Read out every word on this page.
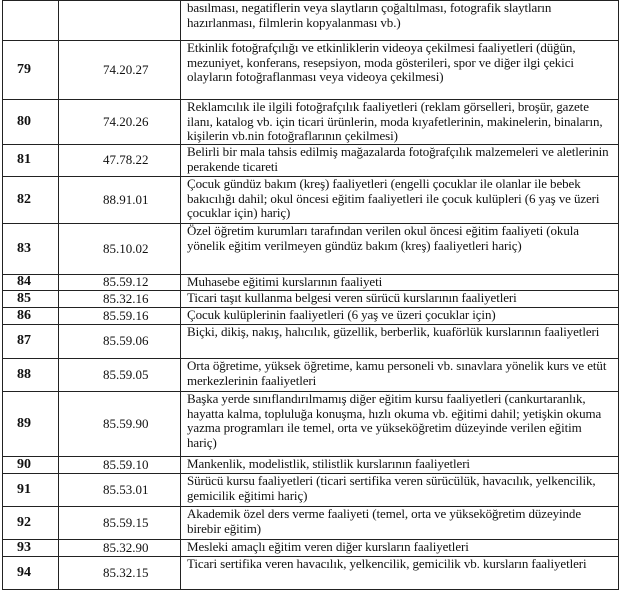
		basılması, negatiflerin veya slaytların çoğaltılması, fotografik slaytların hazırlanması, filmlerin kopyalanması vb.)
79	74.20.27	Etkinlik fotoğrafçılığı ve etkinliklerin videoya çekilmesi faaliyetleri (düğün, mezuniyet, konferans, resepsiyon, moda gösterileri, spor ve diğer ilgi çekici olayların fotoğraflanması veya videoya çekilmesi)
80	74.20.26	Reklamcılık ile ilgili fotoğrafçılık faaliyetleri (reklam görselleri, broşür, gazete ilanı, katalog vb. için ticari ürünlerin, moda kıyafetlerinin, makinelerin, binaların, kişilerin vb.nin fotoğraflarının çekilmesi)
81	47.78.22	Belirli bir mala tahsis edilmiş mağazalarda fotoğrafçılık malzemeleri ve aletlerinin perakende ticareti
82	88.91.01	Çocuk gündüz bakım (kreş) faaliyetleri (engelli çocuklar ile olanlar ile bebek bakıcılığı dahil; okul öncesi eğitim faaliyetleri ile çocuk kulüpleri (6 yaş ve üzeri çocuklar için) hariç)
83	85.10.02	Özel öğretim kurumları tarafından verilen okul öncesi eğitim faaliyeti (okula yönelik eğitim verilmeyen gündüz bakım (kreş) faaliyetleri hariç)
84	85.59.12	Muhasebe eğitimi kurslarının faaliyeti
85	85.32.16	Ticari taşıt kullanma belgesi veren sürücü kurslarının faaliyetleri
86	85.59.16	Çocuk kulüplerinin faaliyetleri (6 yaş ve üzeri çocuklar için)
87	85.59.06	Biçki, dikiş, nakış, halıcılık, güzellik, berberlik, kuaförlük kurslarının faaliyetleri
88	85.59.05	Orta öğretime, yüksek öğretime, kamu personeli vb. sınavlara yönelik kurs ve etüt merkezlerinin faaliyetleri
89	85.59.90	Başka yerde sınıflandırılmamış diğer eğitim kursu faaliyetleri (cankurtaranlık, hayatta kalma, topluluğa konuşma, hızlı okuma vb. eğitimi dahil; yetişkin okuma yazma programları ile temel, orta ve yükseköğretim düzeyinde verilen eğitim hariç)
90	85.59.10	Mankenlik, modelistlik, stilistlik kurslarının faaliyetleri
91	85.53.01	Sürücü kursu faaliyetleri (ticari sertifika veren sürücülük, havacılık, yelkencilik, gemicilik eğitimi hariç)
92	85.59.15	Akademik özel ders verme faaliyeti (temel, orta ve yükseköğretim düzeyinde birebir eğitim)
93	85.32.90	Mesleki amaçlı eğitim veren diğer kursların faaliyetleri
94	85.32.15	Ticari sertifika veren havacılık, yelkencilik, gemicilik vb. kursların faaliyetleri
